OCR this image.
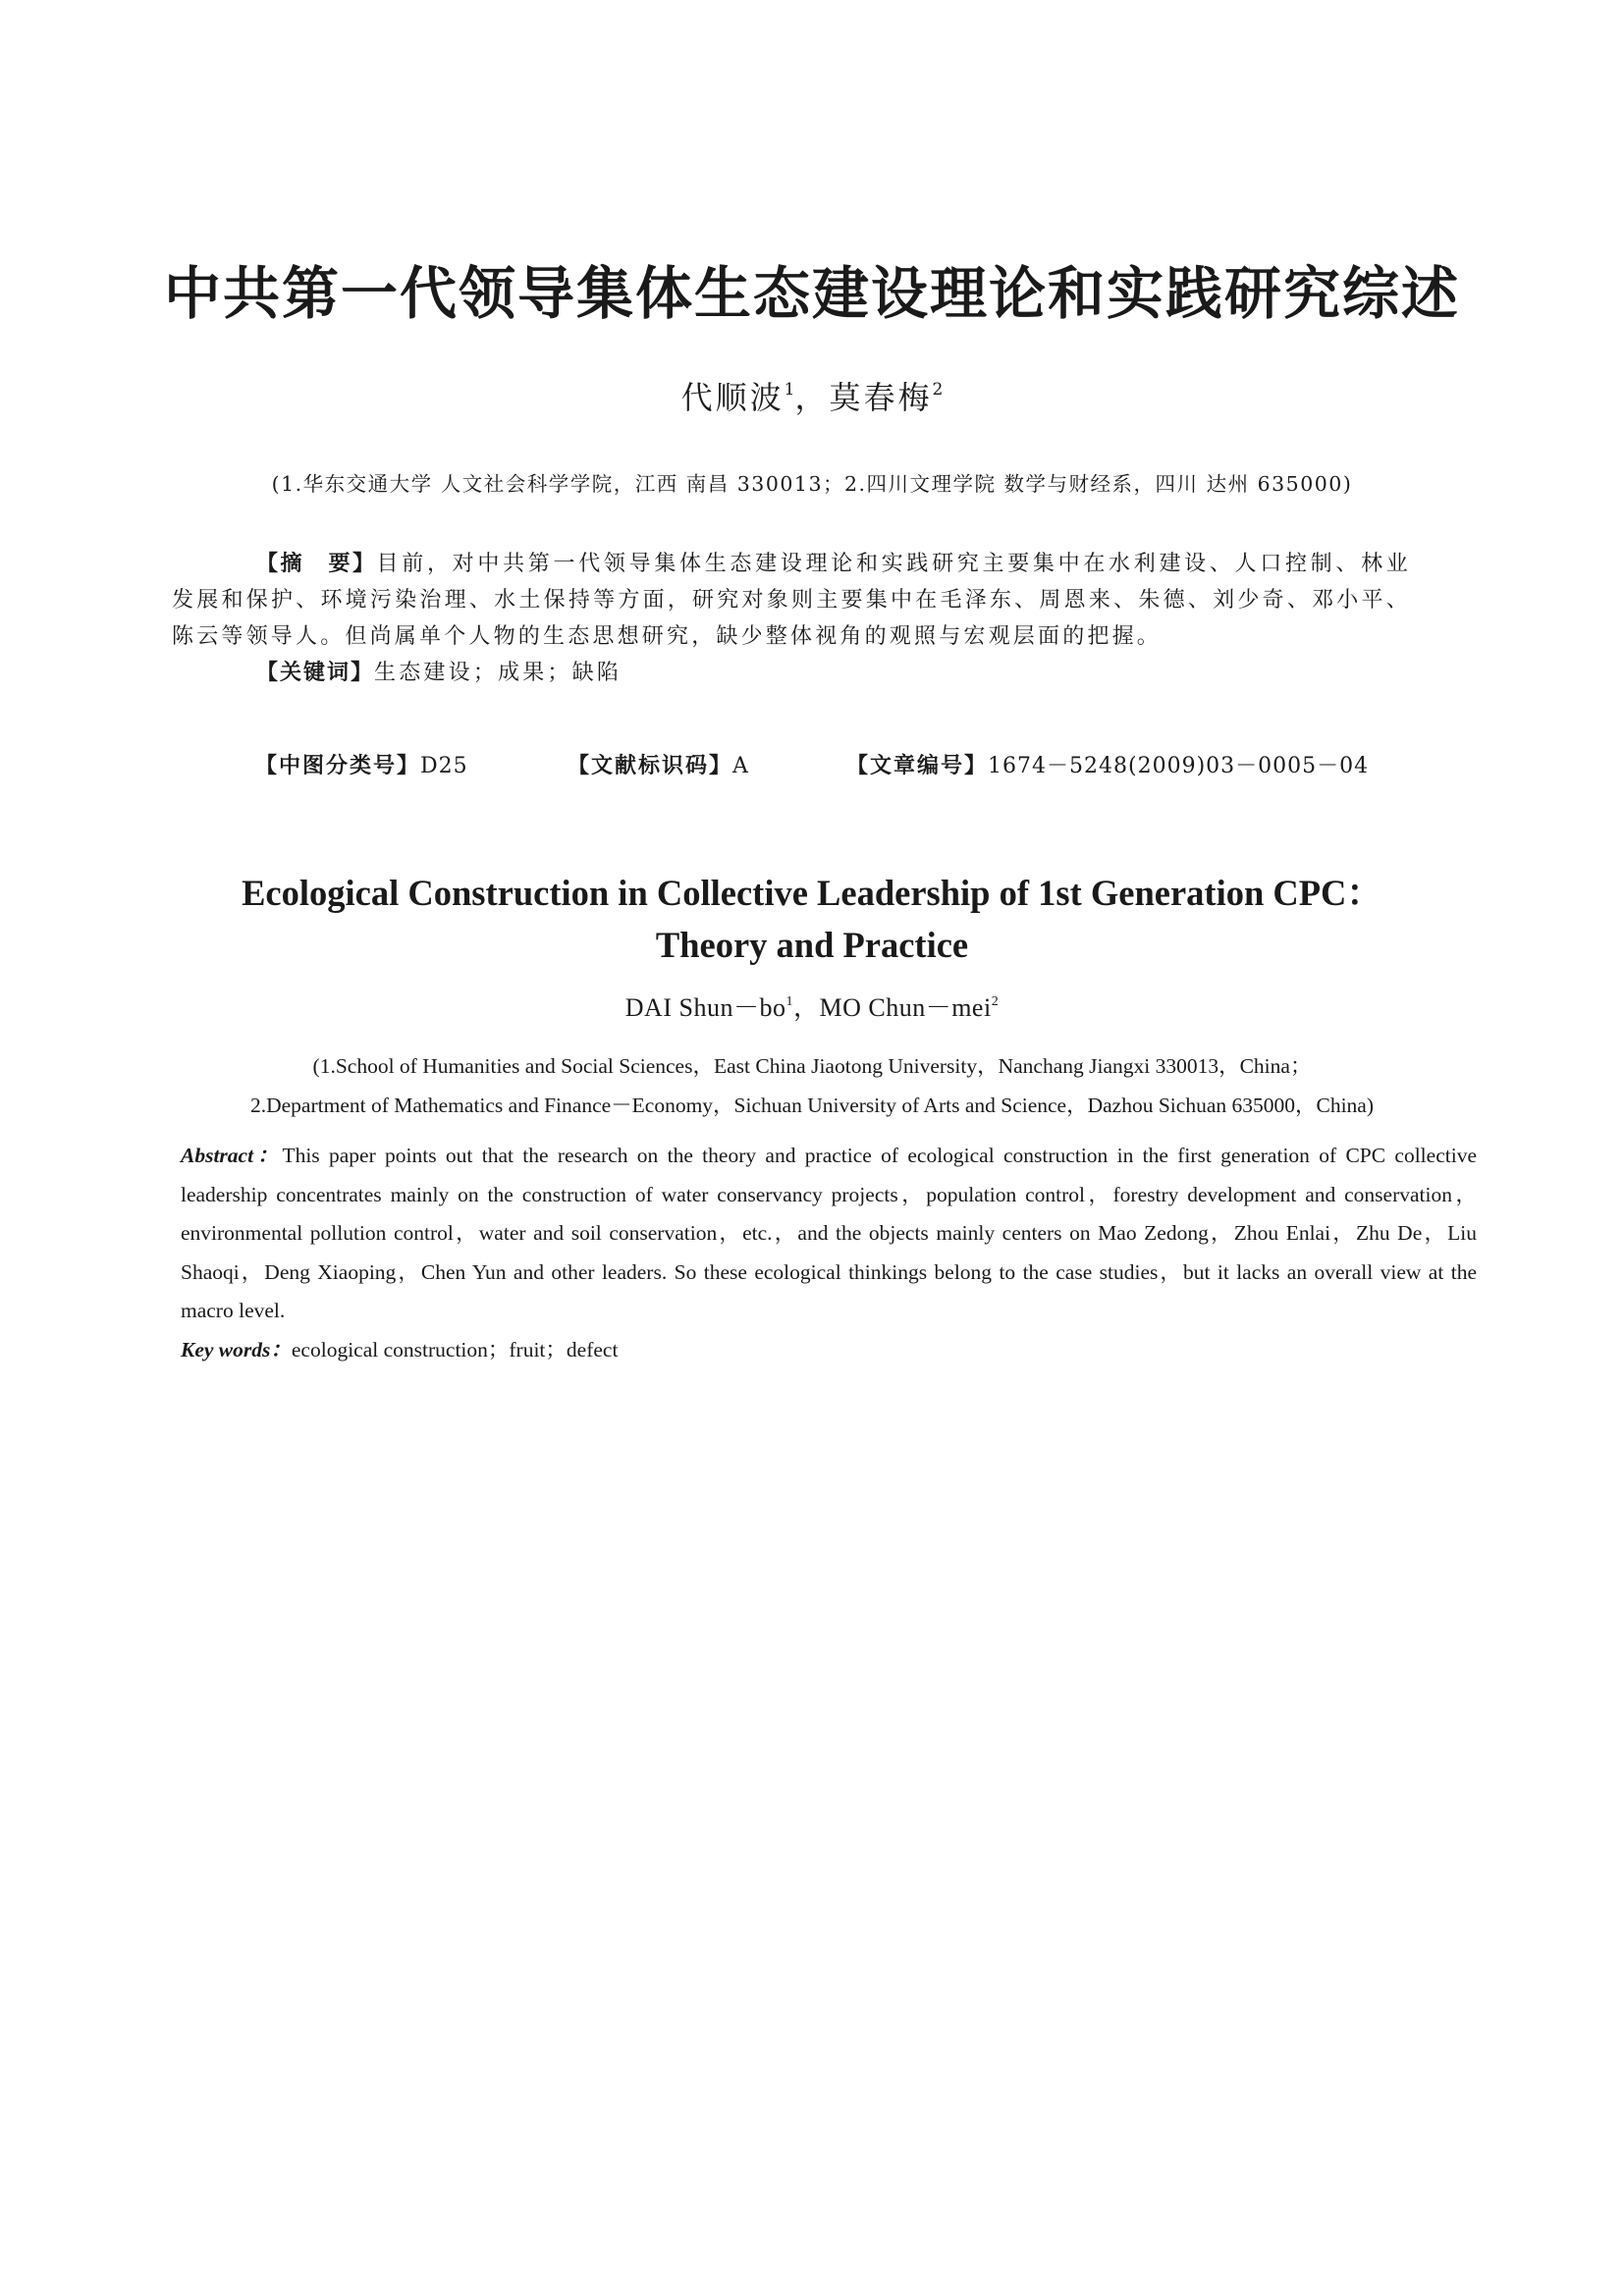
中共第一代领导集体生态建设理论和实践研究综述
代顺波$^1$，莫春梅$^2$
(1.华东交通大学 人文社会科学学院，江西 南昌 330013；2.四川文理学院 数学与财经系，四川 达州 635000)
【摘　要】目前，对中共第一代领导集体生态建设理论和实践研究主要集中在水利建设、人口控制、林业发展和保护、环境污染治理、水土保持等方面，研究对象则主要集中在毛泽东、周恩来、朱德、刘少奇、邓小平、陈云等领导人。但尚属单个人物的生态思想研究，缺少整体视角的观照与宏观层面的把握。
【关键词】生态建设；成果；缺陷
【中图分类号】D25	【文献标识码】A	【文章编号】1674－5248(2009)03－0005－04
Ecological Construction in Collective Leadership of 1st Generation CPC：
Theory and Practice
DAI $Shun-bo^1$，MO Chun－mei$^2$
(1.School of Humanities and Social Sciences，East China Jiaotong University，Nanchang Jiangxi 330013，China；
2.Department of Mathematics and Finance－Economy，Sichuan University of Arts and Science，Dazhou Sichuan 635000，China)
Abstract：This paper points out that the research on the theory and practice of ecological construction in the first generation of CPC collective leadership concentrates mainly on the construction of water conservancy projects，population control，forestry development and conservation，environmental pollution control，water and soil conservation，etc.，and the objects mainly centers on Mao Zedong，Zhou Enlai，Zhu De，Liu Shaoqi，Deng Xiaoping，Chen Yun and other leaders. So these ecological thinkings belong to the case studies，but it lacks an overall view at the macro level.
Key words：ecological construction；fruit；defect
